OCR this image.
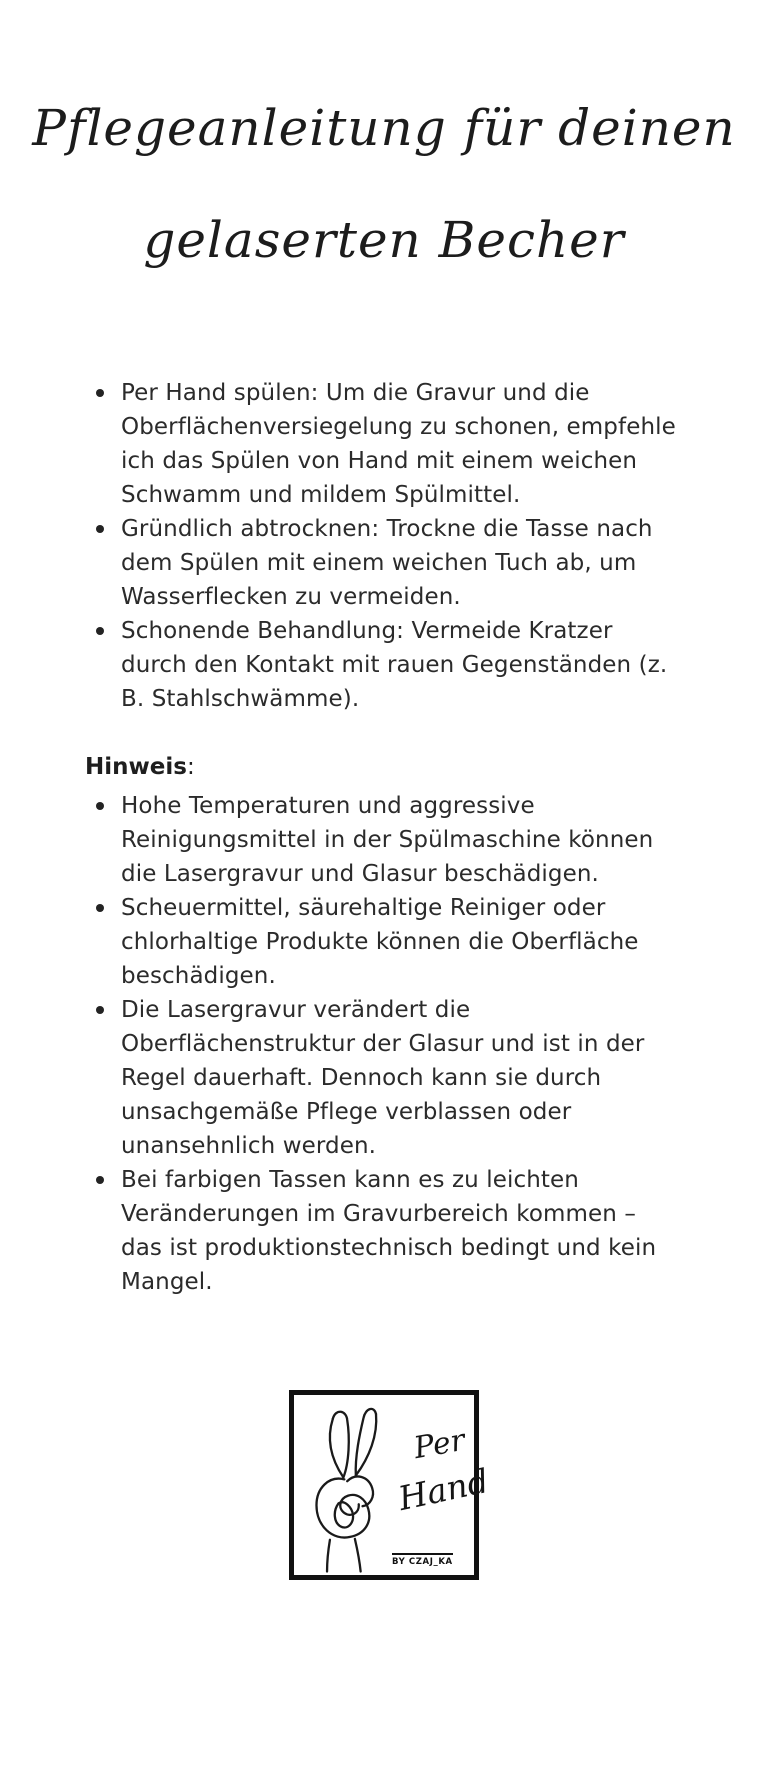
Pflegeanleitung für deinen
gelaserten Becher
Per Hand spülen: Um die Gravur und die Oberflächenversiegelung zu schonen, empfehle ich das Spülen von Hand mit einem weichen Schwamm und mildem Spülmittel.
Gründlich abtrocknen: Trockne die Tasse nach dem Spülen mit einem weichen Tuch ab, um Wasserflecken zu vermeiden.
Schonende Behandlung: Vermeide Kratzer durch den Kontakt mit rauen Gegenständen (z. B. Stahlschwämme).

Hinweis:

Hohe Temperaturen und aggressive Reinigungsmittel in der Spülmaschine können die Lasergravur und Glasur beschädigen.
Scheuermittel, säurehaltige Reiniger oder chlorhaltige Produkte können die Oberfläche beschädigen.
Die Lasergravur verändert die Oberflächenstruktur der Glasur und ist in der Regel dauerhaft. Dennoch kann sie durch unsachgemäße Pflege verblassen oder unansehnlich werden.
Bei farbigen Tassen kann es zu leichten Veränderungen im Gravurbereich kommen – das ist produktionstechnisch bedingt und kein Mangel.
Per
Hand
BY CZAJ_KA
